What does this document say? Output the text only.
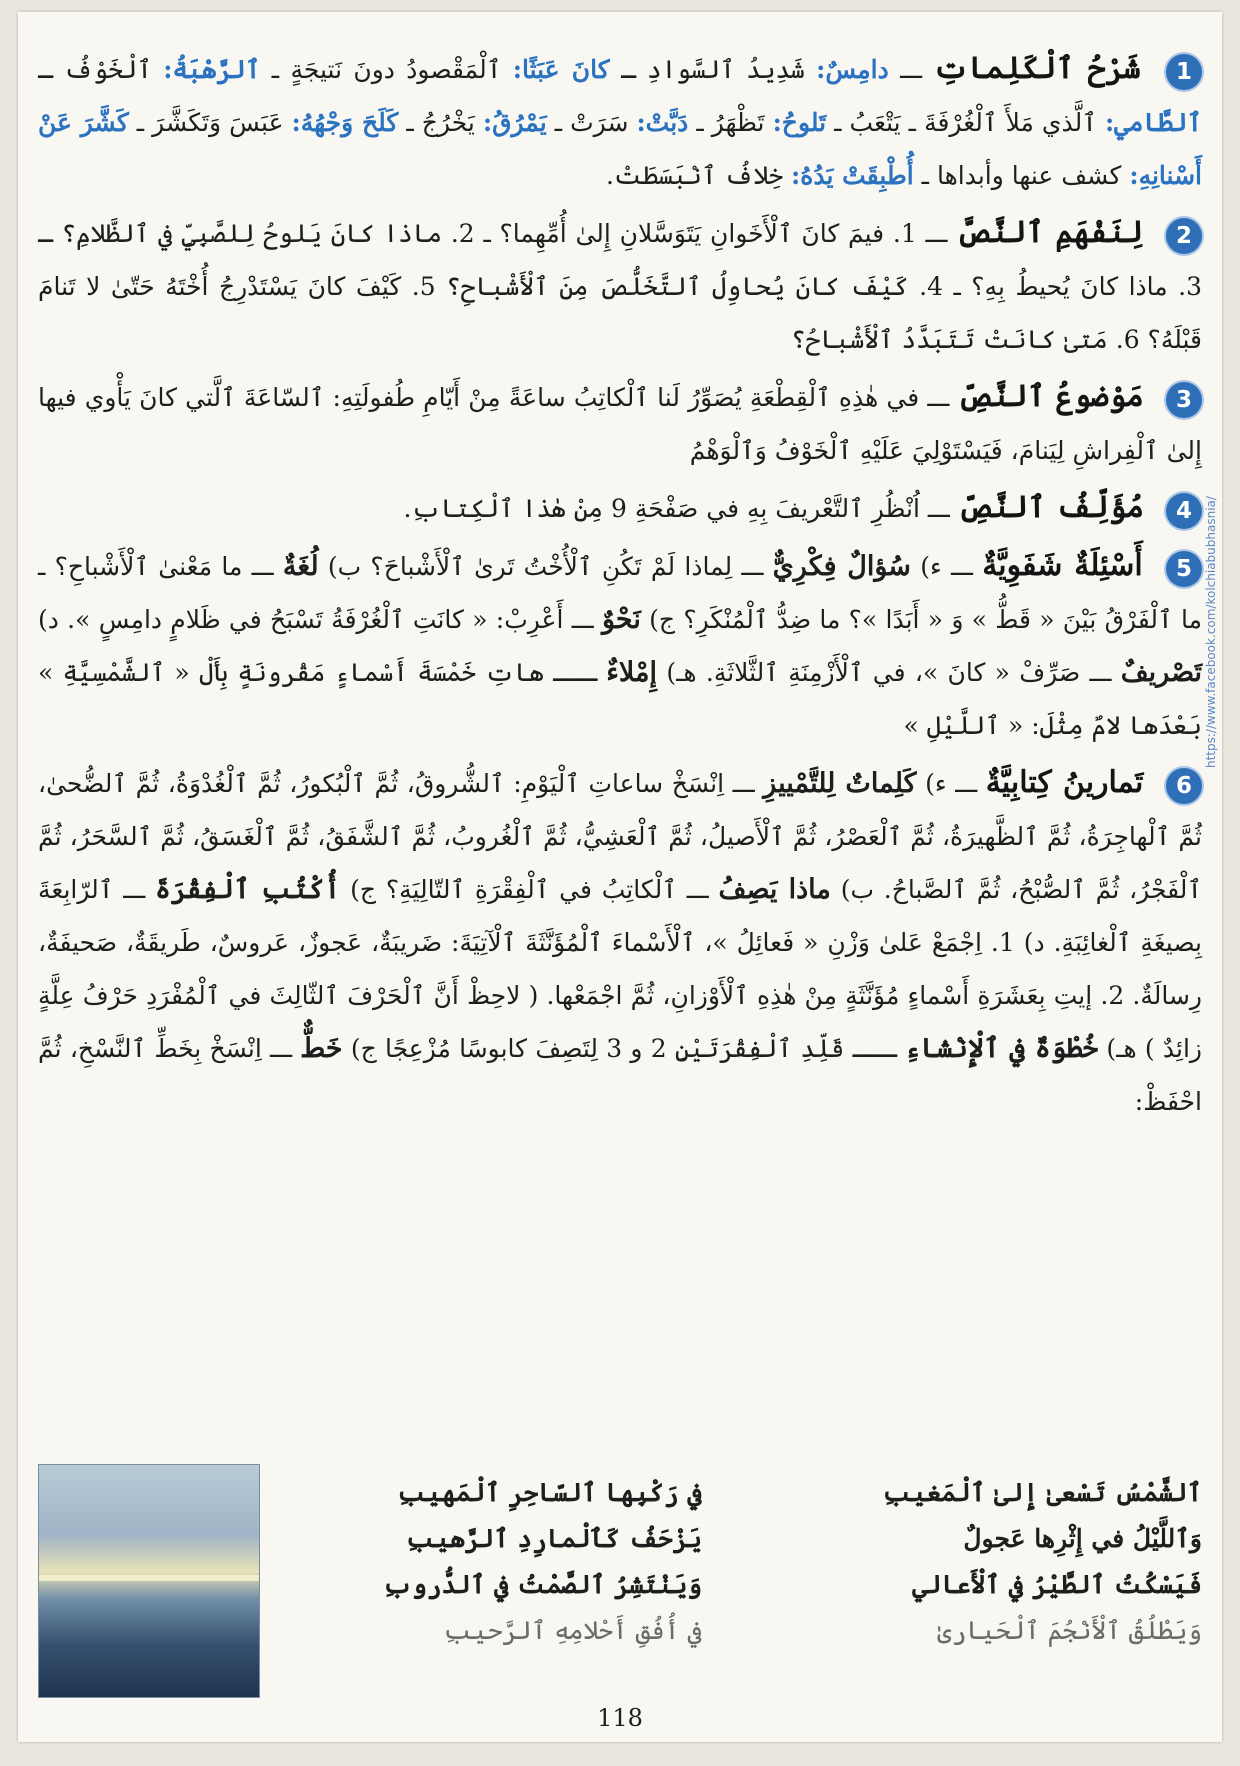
1 شَرْحُ ٱلْكَلِماتِ ـــ دامِسٌ: شَدِيدُ ٱلسَّوادِ ـ كانَ عَبَثًا: ٱلْمَقْصودُ دونَ نَتيجَةٍ ـ ٱلرَّهْبَةُ: ٱلْخَوْفُ ـ ٱلطَّامي: ٱلَّذي مَلأَ ٱلْغُرْفَةَ ـ يَتْعَبُ ـ تَلوحُ: تَظْهَرُ ـ دَبَّتْ: سَرَتْ ـ يَمْرُقُ: يَخْرُجُ ـ كَلَحَ وَجْهُهُ: عَبَسَ وَتَكَشَّرَ ـ كَشَّرَ عَنْ أَسْنانِهِ: كشف عنها وأبداها ـ أُطْبِقَتْ يَدُهُ: خِلافُ ٱنْبَسَطَتْ.
2 لِنَفْهَمِ ٱلنَّصَّ ـــ 1. فيمَ كانَ ٱلْأَخَوانِ يَتَوَسَّلانِ إِلىٰ أُمِّهِما؟ ـ 2. ماذا كانَ يَلوحُ لِلصَّبِيِّ في ٱلظَّلامِ؟ ـ 3. ماذا كانَ يُحيطُ بِهِ؟ ـ 4. كَيْفَ كانَ يُحاوِلُ ٱلتَّخَلُّصَ مِنَ ٱلْأَشْباحِ؟ 5. كَيْفَ كانَ يَسْتَدْرِجُ أُخْتَهُ حَتّىٰ لا تَنامَ قَبْلَهُ؟ 6. مَتىٰ كانَتْ تَتَبَدَّدُ ٱلْأَشْباحُ؟
3 مَوْضوعُ ٱلنَّصِّ ـــ في هٰذِهِ ٱلْقِطْعَةِ يُصَوِّرُ لَنا ٱلْكاتِبُ ساعَةً مِنْ أَيّامِ طُفولَتِهِ: ٱلسّاعَةَ ٱلَّتي كانَ يَأْوي فيها إِلىٰ ٱلْفِراشِ لِيَنامَ، فَيَسْتَوْلِيَ عَلَيْهِ ٱلْخَوْفُ وَٱلْوَهْمُ
4 مُؤَلِّفُ ٱلنَّصِّ ـــ اُنْظُرِ ٱلتَّعْريفَ بِهِ في صَفْحَةِ 9 مِنْ هٰذا ٱلْكِتابِ.
5 أَسْئِلَةٌ شَفَوِيَّةٌ ـــ ء) سُؤالٌ فِكْرِيٌّ ـــ لِماذا لَمْ تَكُنِ ٱلْأُخْتُ تَرىٰ ٱلْأَشْباحَ؟ ب) لُغَةٌ ـــ ما مَعْنىٰ ٱلْأَشْباحِ؟ ـ ما ٱلْفَرْقُ بَيْنَ « قَطُّ » وَ « أَبَدًا »؟ ما ضِدُّ ٱلْمُنْكَرِ؟ ج) نَحْوٌ ـــ أَعْرِبْ: « كانَتِ ٱلْغُرْفَةُ تَسْبَحُ في ظَلامٍ دامِسٍ ». د) تَصْريفٌ ـــ صَرِّفْ « كانَ »، في ٱلْأَزْمِنَةِ ٱلثَّلاثَةِ. هـ) إِمْلاءٌ ـــ هاتِ خَمْسَةَ أَسْماءٍ مَقْرونَةٍ بِأَلْ « ٱلشَّمْسِيَّةِ » بَعْدَها لامٌ مِثْلَ: « ٱللَّيْلِ »
6 تَمارينُ كِتابِيَّةٌ ـــ ء) كَلِماتٌ لِلتَّمْييزِ ـــ اِنْسَخْ ساعاتِ ٱلْيَوْمِ: ٱلشُّروقُ، ثُمَّ ٱلْبُكورُ، ثُمَّ ٱلْغُدْوَةُ، ثُمَّ ٱلضُّحىٰ، ثُمَّ ٱلْهاجِرَةُ، ثُمَّ ٱلظَّهيرَةُ، ثُمَّ ٱلْعَصْرُ، ثُمَّ ٱلْأَصيلُ، ثُمَّ ٱلْعَشِيُّ، ثُمَّ ٱلْغُروبُ، ثُمَّ ٱلشَّفَقُ، ثُمَّ ٱلْغَسَقُ، ثُمَّ ٱلسَّحَرُ، ثُمَّ ٱلْفَجْرُ، ثُمَّ ٱلصُّبْحُ، ثُمَّ ٱلصَّباحُ. ب) ماذا يَصِفُ ـــ ٱلْكاتِبُ في ٱلْفِقْرَةِ ٱلتّالِيَةِ؟ ج) أُكْتُبِ ٱلْفِقْرَةَ ـــ ٱلرّابِعَةَ بِصيغَةِ ٱلْغائِبَةِ. د) 1. اِجْمَعْ عَلىٰ وَزْنِ « فَعائِلُ »، ٱلْأَسْماءَ ٱلْمُؤَنَّثَةَ ٱلْآتِيَةَ: ضَريبَةٌ، عَجوزٌ، عَروسٌ، طَريقَةٌ، صَحيفَةٌ، رِسالَةٌ. 2. إيتِ بِعَشَرَةِ أَسْماءٍ مُؤَنَّثَةٍ مِنْ هٰذِهِ ٱلْأَوْزانِ، ثُمَّ اجْمَعْها. ( لاحِظْ أَنَّ ٱلْحَرْفَ ٱلثّالِثَ في ٱلْمُفْرَدِ حَرْفُ عِلَّةٍ زائِدٌ ) هـ) خُطْوَةٌ في ٱلْإِنْشاءِ ـــ قَلِّدِ ٱلْفِقْرَتَيْنِ 2 و 3 لِتَصِفَ كابوسًا مُزْعِجًا ج) خَطٌّ ـــ اِنْسَخْ بِخَطِّ ٱلنَّسْخِ، ثُمَّ احْفَظْ:
ٱلشَّمْسُ تَسْعىٰ إِلىٰ ٱلْمَغيبِ
في رَكْبِها ٱلسّاحِرِ ٱلْمَهيبِ
وَٱللَّيْلُ في إِثْرِها عَجولٌ
يَزْحَفُ كَٱلْمارِدِ ٱلرَّهيبِ
فَيَسْكُتُ ٱلطَّيْرُ في ٱلْأَعالي
وَيَنْتَشِرُ ٱلصَّمْتُ في ٱلدُّروبِ
وَيَطْلُقُ ٱلْأَنْجُمَ ٱلْحَيارىٰ
في أُفُقِ أَحْلامِهِ ٱلرَّحيبِ
https://www.facebook.com/kolchiabubhasnia/
118
